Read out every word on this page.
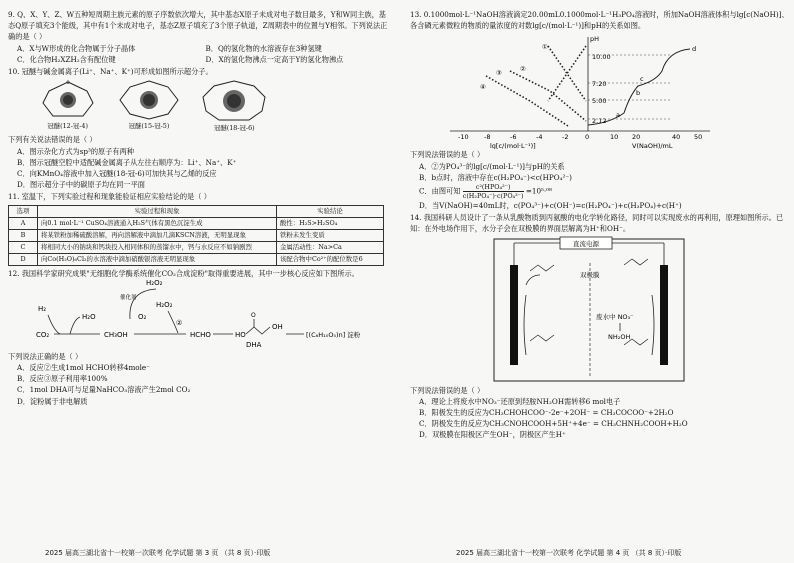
9. Q、X、Y、Z、W五种短周期主族元素的原子序数依次增大，其中基态X原子未成对电子数目最多，Y和W同主族，基态Q原子填充3个能级，其中有1个未成对电子，基态Z原子填充了3个原子轨道，Z周期表中的位置与Y相邻。下列说法正确的是（ ）

A．X与W形成的化合物属于分子晶体	B．Q的氢化物的水溶液存在3种氢键

C．化合物H₂XZH₂含有配位键	D．X的氢化物沸点一定高于Y的氢化物沸点

10. 冠醚与碱金属离子(Li⁺、Na⁺、K⁺)可形成如图所示超分子。

O
冠醚(12-冠-4)	冠醚(15-冠-5)	冠醚(18-冠-6)

下列有关说法错误的是（ ）

A．图示杂化方式为sp³的原子有两种

B．图示冠醚空腔中适配碱金属离子从左往右顺序为：Li⁺、Na⁺、K⁺

C．向KMnO₄溶液中加入冠醚(18-冠-6)可加快其与乙烯的反应

D．图示超分子中的碳原子均在同一平面

11. 室温下，下列实验过程和现象能验证相应实验结论的是（ ）

选项	实验过程和现象	实验结论
A	向0.1 mol·L⁻¹ CuSO₄溶液通入H₂S气体有黑色沉淀生成	酸性：H₂S>H₂SO₄
B	将某铁粉加稀硫酸溶解，再向溶解液中滴加几滴KSCN溶液，无明显现象	铁粉未发生变质
C	将相同大小的钠块和钙块投入相同体积的蒸馏水中，钙与水反应不如钠剧烈	金属活动性：Na>Ca
D	向Co(H₂O)₆Cl₂的水溶液中滴加硝酸银溶液无明显现象	该配合物中Co²⁺的配位数是6

12. 我国科学家研究成果"无细胞化学酶系统催化CO₂合成淀粉"取得重要进展，其中一步核心反应如下图所示。

H₂
CO₂
H₂O
CH₃OH
O₂
H₂O₂
催化剂
②
H₂O₂
HCHO	HO
O
OH
DHA
[(C₆H₁₀O₅)n] 淀粉

下列说法正确的是（ ）

A．反应②生成1mol HCHO转移4mole⁻

B．反应③原子利用率100%

C．1mol DHA可与足量NaHCO₃溶液产生2mol CO₂

D．淀粉属于非电解质

13. 0.1000mol·L⁻¹NaOH溶液滴定20.00mL0.1000mol·L⁻¹H₃PO₄溶液时，所加NaOH溶液体积与lg[c(NaOH)]、各含磷元素微粒的物质的量浓度的对数lg[c/(mol·L⁻¹)]和pH的关系如图。

pH
-10 -8	-6	-4	-2	0
lg[c/(mol·L⁻¹)]
10.00
7.20
5.00
2.12
①
②
③
④
a
b
c
d
10 20	40 50
V(NaOH)/mL

下列说法错误的是（ ）

A．②为PO₄³⁻的lg[c/(mol·L⁻¹)]与pH的关系

B．b点时，溶液中存在c(H₂PO₄⁻)<c(HPO₄²⁻)

C．由图可知 $\frac{\text{c²(HPO₄²⁻)}}{\text{c(H₂PO₄⁻)·c(PO₄³⁻)}} =10^5\cdot^{08}$

D．当V(NaOH)=40mL时，c(PO₄³⁻)+c(OH⁻)=c(H₂PO₄⁻)+c(H₃PO₄)+c(H⁺)

14. 我国科研人员设计了一条从乳酸物质到丙氨酸的电化学转化路径，同时可以实现废水的再利用，原理如图所示。已知：在外电场作用下，水分子会在双极膜的界面层解离为H⁺和OH⁻。

直流电源
双极膜
废水中 NO₃⁻
NH₂OH

下列说法错误的是（ ）

A．理论上将废水中NO₃⁻还原到羟胺NH₂OH需转移6 mol电子

B．阳极发生的反应为CH₃CHOHCOO⁻-2e⁻+2OH⁻ = CH₃COCOO⁻+2H₂O

C．阴极发生的反应为CH₃CNOHCOOH+5H⁺+4e⁻ = CH₃CHNH₂COOH+H₂O

D．双极膜在阳极区产生OH⁻，阴极区产生H⁺

2025 届高三湖北省十一校第一次联考 化学试题 第 3 页 （共 8 页）·印版	2025 届高三湖北省十一校第一次联考 化学试题 第 4 页 （共 8 页）·印版
